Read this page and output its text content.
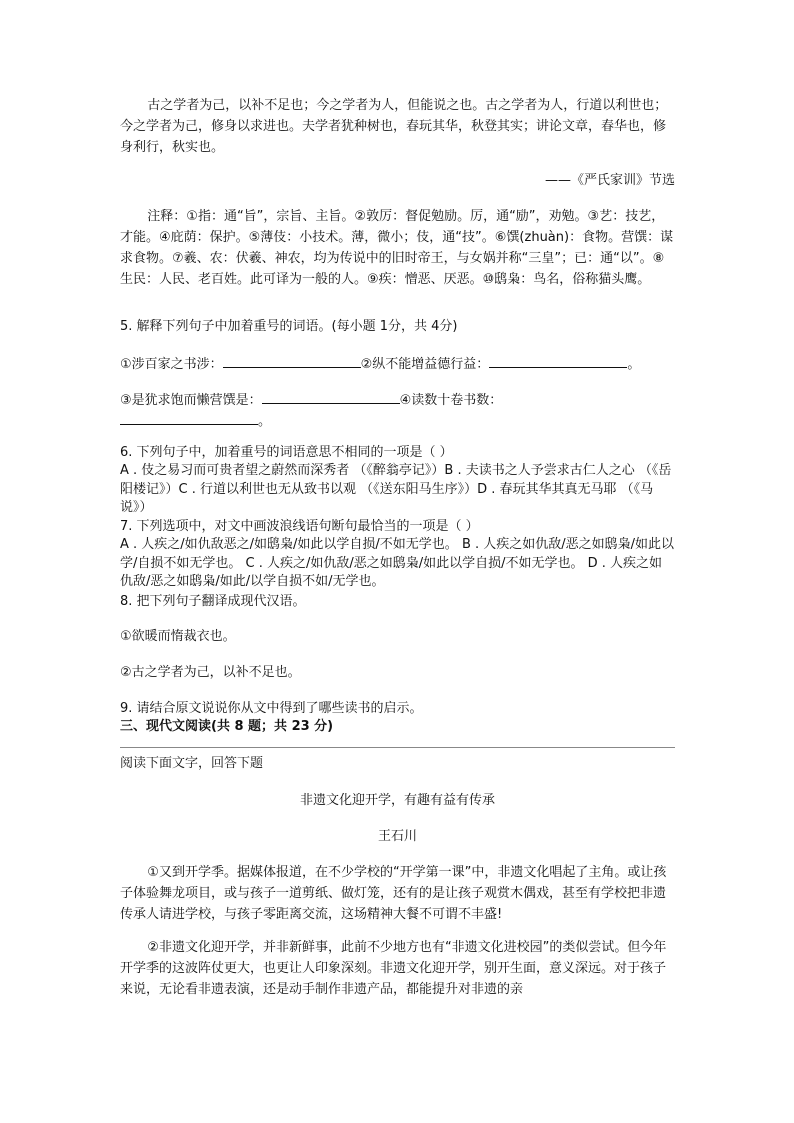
古之学者为己，以补不足也；今之学者为人，但能说之也。古之学者为人，行道以利世也；今之学者为己，修身以求进也。夫学者犹种树也，春玩其华，秋登其实；讲论文章，春华也，修身利行，秋实也。

——《严氏家训》节选

注释：①指：通“旨”，宗旨、主旨。②敦厉：督促勉励。厉，通“励”，劝勉。③艺：技艺，才能。④庇荫：保护。⑤薄伎：小技术。薄，微小；伎，通“技”。⑥馔(zhuàn)：食物。营馔：谋求食物。⑦羲、农：伏羲、神农，均为传说中的旧时帝王，与女娲并称“三皇”；已：通“以”。⑧生民：人民、老百姓。此可译为一般的人。⑨疾：憎恶、厌恶。⑩鸱枭：鸟名，俗称猫头鹰。

5. 解释下列句子中加着重号的词语。(每小题 1分，共 4分)

①涉百家之书涉：	②纵不能增益德行益：	。
③是犹求饱而懒营馔是：	④读数十卷书数：
。

6. 下列句子中，加着重号的词语意思不相同的一项是（ ）

A . 伎之易习而可贵者望之蔚然而深秀者 （《醉翁亭记》）B . 夫读书之人予尝求古仁人之心 （《岳阳楼记》）C . 行道以利世也无从致书以观 （《送东阳马生序》）D . 春玩其华其真无马耶 （《马说》）

7. 下列选项中，对文中画波浪线语句断句最恰当的一项是（ ）

A . 人疾之/如仇敌恶之/如鸱枭/如此以学自损/不如无学也。 B . 人疾之如仇敌/恶之如鸱枭/如此以学/自损不如无学也。 C . 人疾之/如仇敌/恶之如鸱枭/如此以学自损/不如无学也。 D . 人疾之如仇敌/恶之如鸱枭/如此/以学自损不如/无学也。

8. 把下列句子翻译成现代汉语。

①欲暖而惰裁衣也。

②古之学者为己，以补不足也。

9. 请结合原文说说你从文中得到了哪些读书的启示。

三、现代文阅读(共 8 题；共 23 分)

阅读下面文字，回答下题

非遗文化迎开学，有趣有益有传承

王石川

①又到开学季。据媒体报道，在不少学校的“开学第一课”中，非遗文化唱起了主角。或让孩子体验舞龙项目，或与孩子一道剪纸、做灯笼，还有的是让孩子观赏木偶戏，甚至有学校把非遗传承人请进学校，与孩子零距离交流，这场精神大餐不可谓不丰盛!

②非遗文化迎开学，并非新鲜事，此前不少地方也有“非遗文化进校园”的类似尝试。但今年开学季的这波阵仗更大，也更让人印象深刻。非遗文化迎开学，别开生面，意义深远。对于孩子来说，无论看非遗表演，还是动手制作非遗产品，都能提升对非遗的亲
